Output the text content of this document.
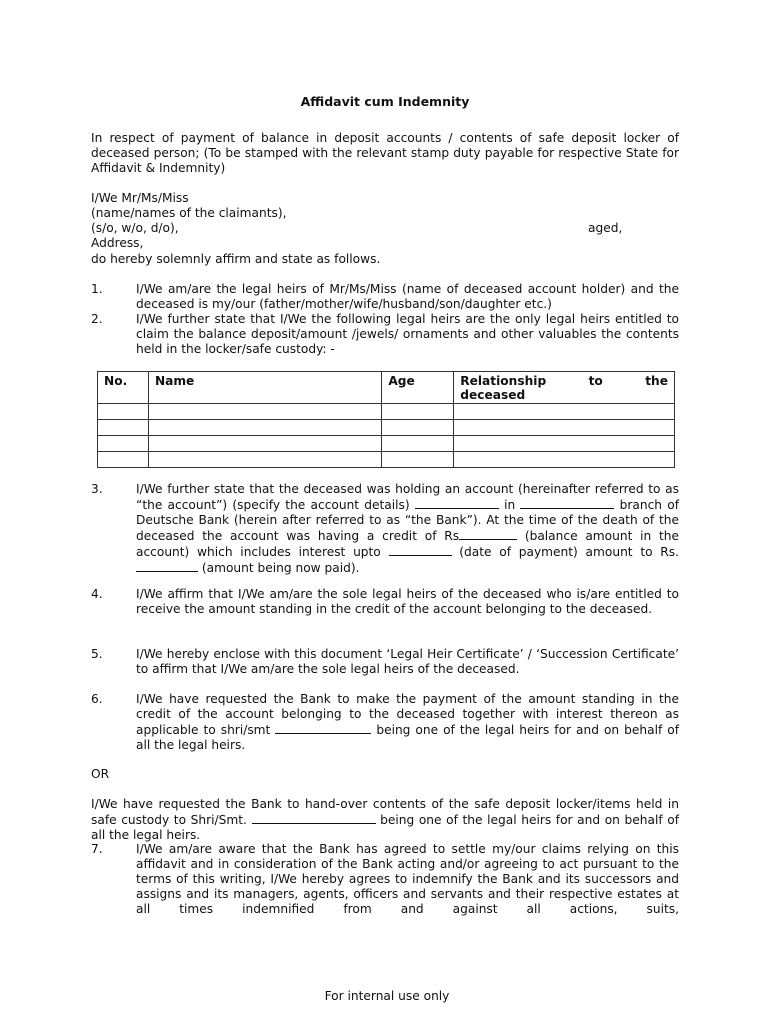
Affidavit cum Indemnity
In respect of payment of balance in deposit accounts / contents of safe deposit locker of deceased person; (To be stamped with the relevant stamp duty payable for respective State for Affidavit & Indemnity)
I/We Mr/Ms/Miss
(name/names of the claimants),
(s/o, w/o, d/o),	aged,
Address,
do hereby solemnly affirm and state as follows.
1.	I/We am/are the legal heirs of Mr/Ms/Miss (name of deceased account holder) and the deceased is my/our (father/mother/wife/husband/son/daughter etc.)
2.	I/We further state that I/We the following legal heirs are the only legal heirs entitled to claim the balance deposit/amount /jewels/ ornaments and other valuables the contents held in the locker/safe custody: -
No.	Name	Age	Relationship to the
deceased

3.	I/We further state that the deceased was holding an account (hereinafter referred to as “the account”) (specify the account details)	in	branch of Deutsche Bank (herein after referred to as “the Bank”). At the time of the death of the deceased the account was having a credit of Rs	(balance amount in the account) which includes interest upto	(date of payment) amount to Rs. (amount being now paid).
4.	I/We affirm that I/We am/are the sole legal heirs of the deceased who is/are entitled to receive the amount standing in the credit of the account belonging to the deceased.
5.	I/We hereby enclose with this document ‘Legal Heir Certificate’ / ‘Succession Certificate’ to affirm that I/We am/are the sole legal heirs of the deceased.
6.	I/We have requested the Bank to make the payment of the amount standing in the credit of the account belonging to the deceased together with interest thereon as applicable to shri/smt	being one of the legal heirs for and on behalf of all the legal heirs.
OR
I/We have requested the Bank to hand-over contents of the safe deposit locker/items held in safe custody to Shri/Smt.	being one of the legal heirs for and on behalf of all the legal heirs.
7.	I/We am/are aware that the Bank has agreed to settle my/our claims relying on this affidavit and in consideration of the Bank acting and/or agreeing to act pursuant to the terms of this writing, I/We hereby agrees to indemnify the Bank and its successors and assigns and its managers, agents, officers and servants and their respective estates at all times indemnified from and against all actions, suits,
For internal use only
